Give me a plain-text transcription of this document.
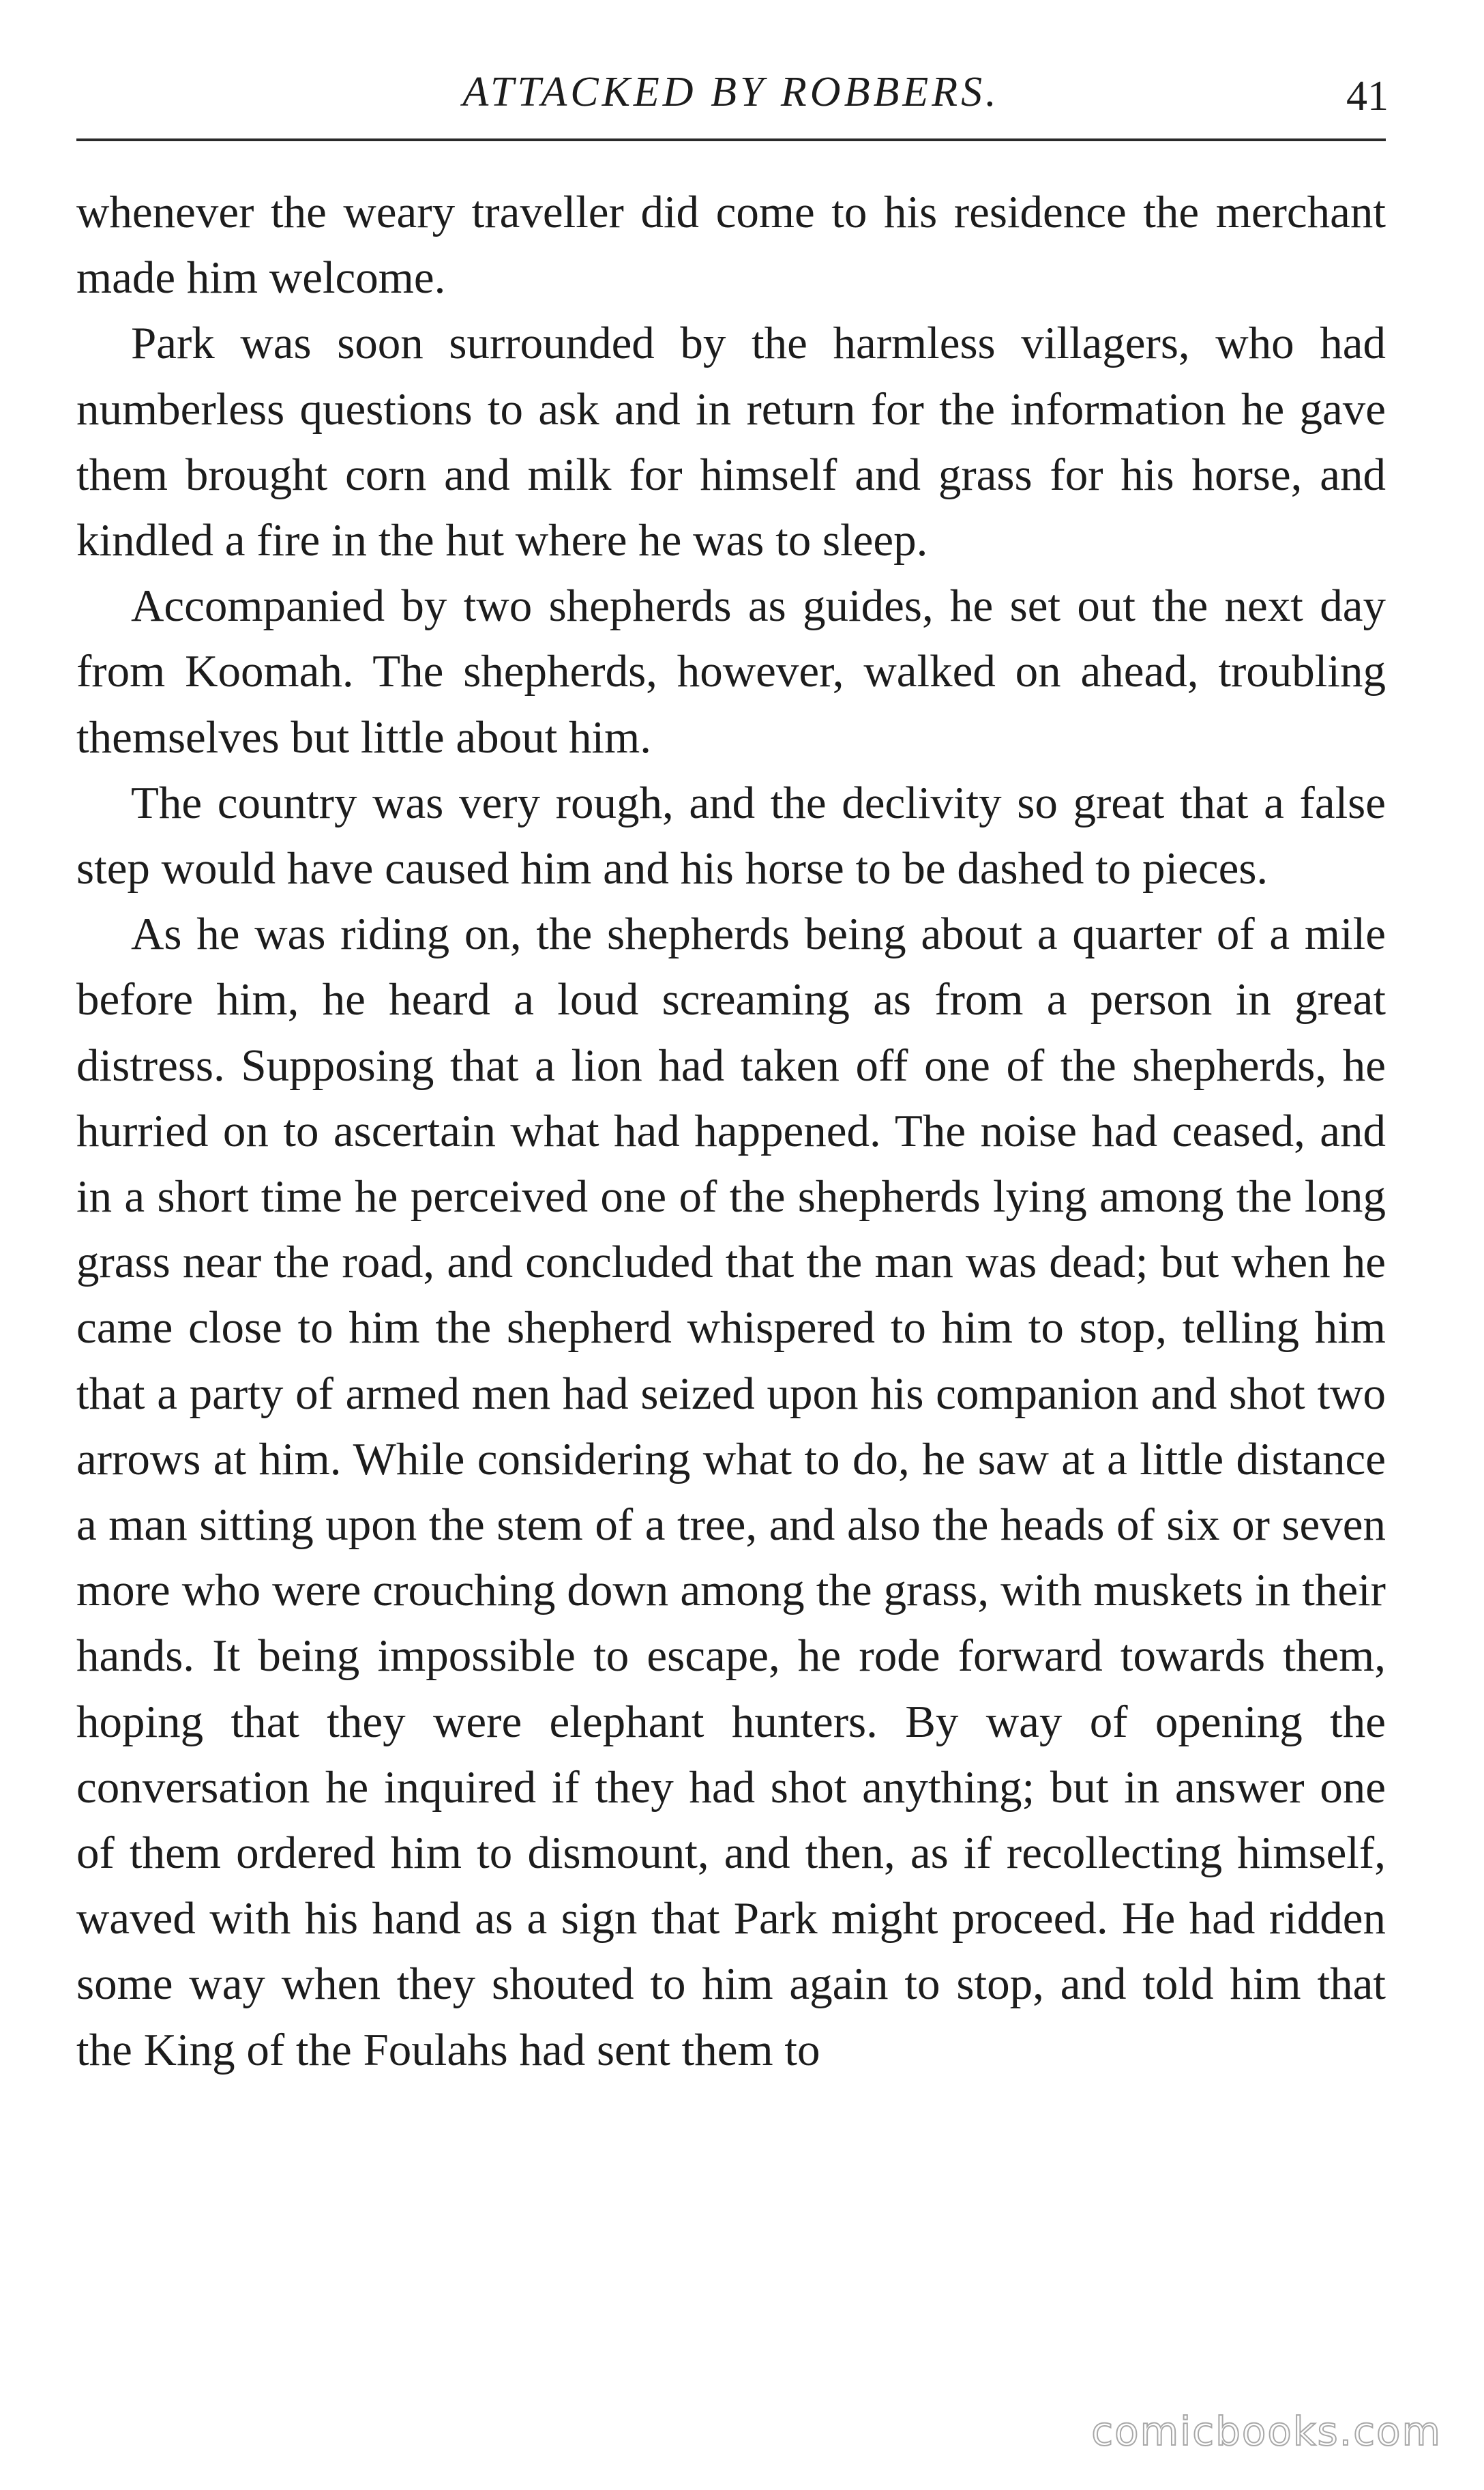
ATTACKED BY ROBBERS.	41

whenever the weary traveller did come to his residence the merchant made him welcome.

Park was soon surrounded by the harmless villagers, who had numberless questions to ask and in return for the information he gave them brought corn and milk for himself and grass for his horse, and kindled a fire in the hut where he was to sleep.

Accompanied by two shepherds as guides, he set out the next day from Koomah. The shepherds, however, walked on ahead, troubling themselves but little about him.

The country was very rough, and the declivity so great that a false step would have caused him and his horse to be dashed to pieces.

As he was riding on, the shepherds being about a quarter of a mile before him, he heard a loud screaming as from a person in great distress. Supposing that a lion had taken off one of the shepherds, he hurried on to ascertain what had happened. The noise had ceased, and in a short time he perceived one of the shepherds lying among the long grass near the road, and concluded that the man was dead; but when he came close to him the shepherd whispered to him to stop, telling him that a party of armed men had seized upon his companion and shot two arrows at him. While considering what to do, he saw at a little distance a man sitting upon the stem of a tree, and also the heads of six or seven more who were crouching down among the grass, with muskets in their hands. It being impossible to escape, he rode forward towards them, hoping that they were elephant hunters. By way of opening the conversation he inquired if they had shot anything; but in answer one of them ordered him to dismount, and then, as if recollecting himself, waved with his hand as a sign that Park might proceed. He had ridden some way when they shouted to him again to stop, and told him that the King of the Foulahs had sent them to

comicbooks.com
